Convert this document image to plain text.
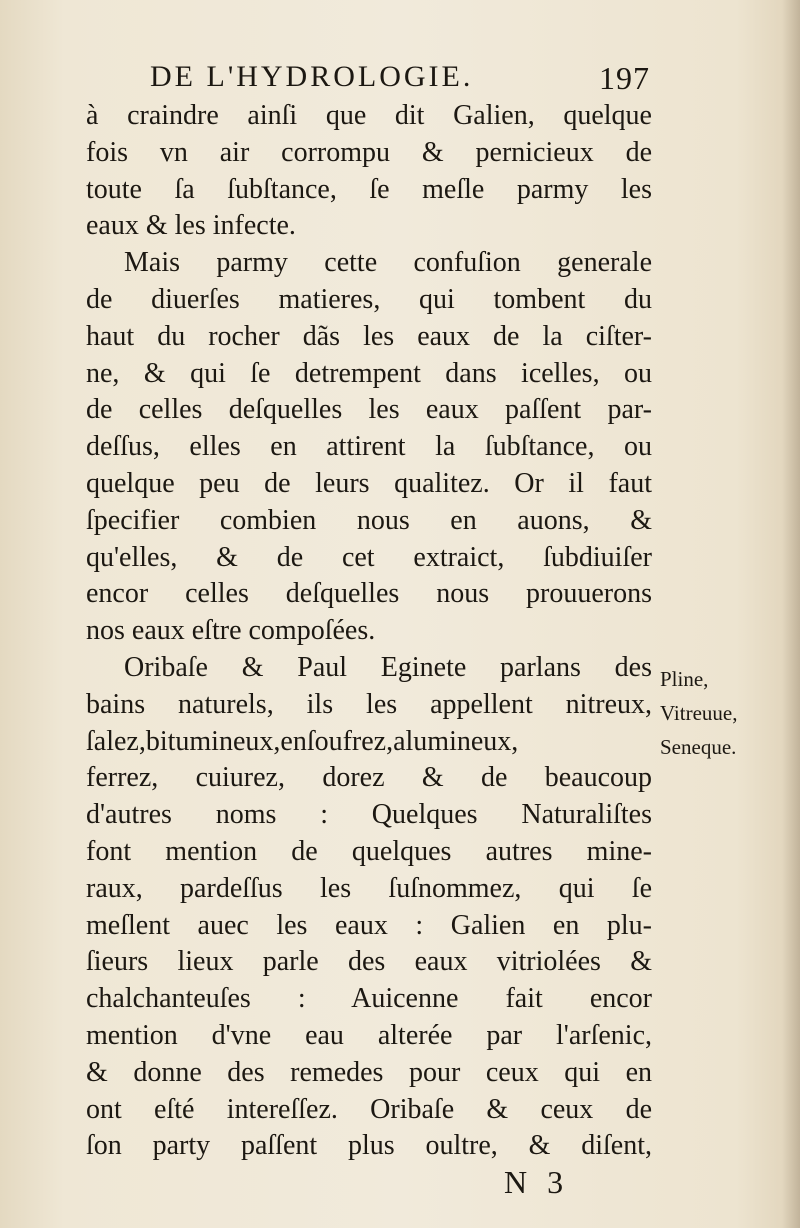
DE L'HYDROLOGIE.	197
à craindre ainſi que dit Galien, quelque
fois vn air corrompu & pernicieux de
toute ſa ſubſtance, ſe meſle parmy les
eaux & les infecte.
Mais parmy cette confuſion generale
de diuerſes matieres, qui tombent du
haut du rocher dãs les eaux de la ciſter-
ne, & qui ſe detrempent dans icelles, ou
de celles deſquelles les eaux paſſent par-
deſſus, elles en attirent la ſubſtance, ou
quelque peu de leurs qualitez. Or il faut
ſpecifier combien nous en auons, &
qu'elles, & de cet extraict, ſubdiuiſer
encor celles deſquelles nous prouuerons
nos eaux eſtre compoſées.
Oribaſe & Paul Eginete parlans des
bains naturels, ils les appellent nitreux,
ſalez,bitumineux,enſoufrez,alumineux,
ferrez, cuiurez, dorez & de beaucoup
d'autres noms : Quelques Naturaliſtes
font mention de quelques autres mine-
raux, pardeſſus les ſuſnommez, qui ſe
meſlent auec les eaux : Galien en plu-
ſieurs lieux parle des eaux vitriolées &
chalchanteuſes : Auicenne fait encor
mention d'vne eau alterée par l'arſenic,
& donne des remedes pour ceux qui en
ont eſté intereſſez. Oribaſe & ceux de
ſon party paſſent plus oultre, & diſent,
Pline,
Vitreuue,
Seneque.
N 3
